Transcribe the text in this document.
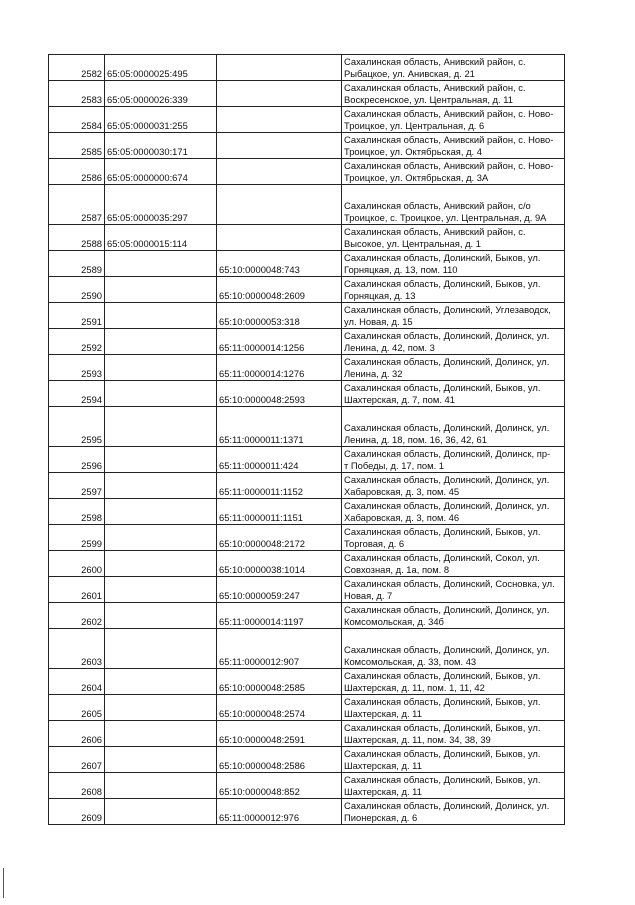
2582	65:05:0000025:495		Сахалинская область, Анивский район, с.
Рыбацкое, ул. Анивская, д. 21

2583	65:05:0000026:339		Сахалинская область, Анивский район, с.
Воскресенское, ул. Центральная, д. 11

2584	65:05:0000031:255		Сахалинская область, Анивский район, с. Ново-
Троицкое, ул. Центральная, д. 6

2585	65:05:0000030:171		Сахалинская область, Анивский район, с. Ново-
Троицкое, ул. Октябрьская, д. 4

2586	65:05:0000000:674		Сахалинская область, Анивский район, с. Ново-
Троицкое, ул. Октябрьская, д. 3А

2587	65:05:0000035:297		Сахалинская область, Анивский район, с/о
Троицкое, с. Троицкое, ул. Центральная, д. 9А

2588	65:05:0000015:114		Сахалинская область, Анивский район, с.
Высокое, ул. Центральная, д. 1

2589		65:10:0000048:743	Сахалинская область, Долинский, Быков, ул.
Горняцкая, д. 13, пом. 110

2590		65:10:0000048:2609	Сахалинская область, Долинский, Быков, ул.
Горняцкая, д. 13

2591		65:10:0000053:318	Сахалинская область, Долинский, Углезаводск,
ул. Новая, д. 15

2592		65:11:0000014:1256	Сахалинская область, Долинский, Долинск, ул.
Ленина, д. 42, пом. 3

2593		65:11:0000014:1276	Сахалинская область, Долинский, Долинск, ул.
Ленина, д. 32

2594		65:10:0000048:2593	Сахалинская область, Долинский, Быков, ул.
Шахтерская, д. 7, пом. 41

2595		65:11:0000011:1371	Сахалинская область, Долинский, Долинск, ул.
Ленина, д. 18, пом. 16, 36, 42, 61

2596		65:11:0000011:424	Сахалинская область, Долинский, Долинск, пр-
т Победы, д. 17, пом. 1

2597		65:11:0000011:1152	Сахалинская область, Долинский, Долинск, ул.
Хабаровская, д. 3, пом. 45

2598		65:11:0000011:1151	Сахалинская область, Долинский, Долинск, ул.
Хабаровская, д. 3, пом. 46

2599		65:10:0000048:2172	Сахалинская область, Долинский, Быков, ул.
Торговая, д. 6

2600		65:10:0000038:1014	Сахалинская область, Долинский, Сокол, ул.
Совхозная, д. 1а, пом. 8

2601		65:10:0000059:247	Сахалинская область, Долинский, Сосновка, ул.
Новая, д. 7

2602		65:11:0000014:1197	Сахалинская область, Долинский, Долинск, ул.
Комсомольская, д. 34б

2603		65:11:0000012:907	Сахалинская область, Долинский, Долинск, ул.
Комсомольская, д. 33, пом. 43

2604		65:10:0000048:2585	Сахалинская область, Долинский, Быков, ул.
Шахтерская, д. 11, пом. 1, 11, 42

2605		65:10:0000048:2574	Сахалинская область, Долинский, Быков, ул.
Шахтерская, д. 11

2606		65:10:0000048:2591	Сахалинская область, Долинский, Быков, ул.
Шахтерская, д. 11, пом. 34, 38, 39

2607		65:10:0000048:2586	Сахалинская область, Долинский, Быков, ул.
Шахтерская, д. 11

2608		65:10:0000048:852	Сахалинская область, Долинский, Быков, ул.
Шахтерская, д. 11

2609		65:11:0000012:976	Сахалинская область, Долинский, Долинск, ул.
Пионерская, д. 6
